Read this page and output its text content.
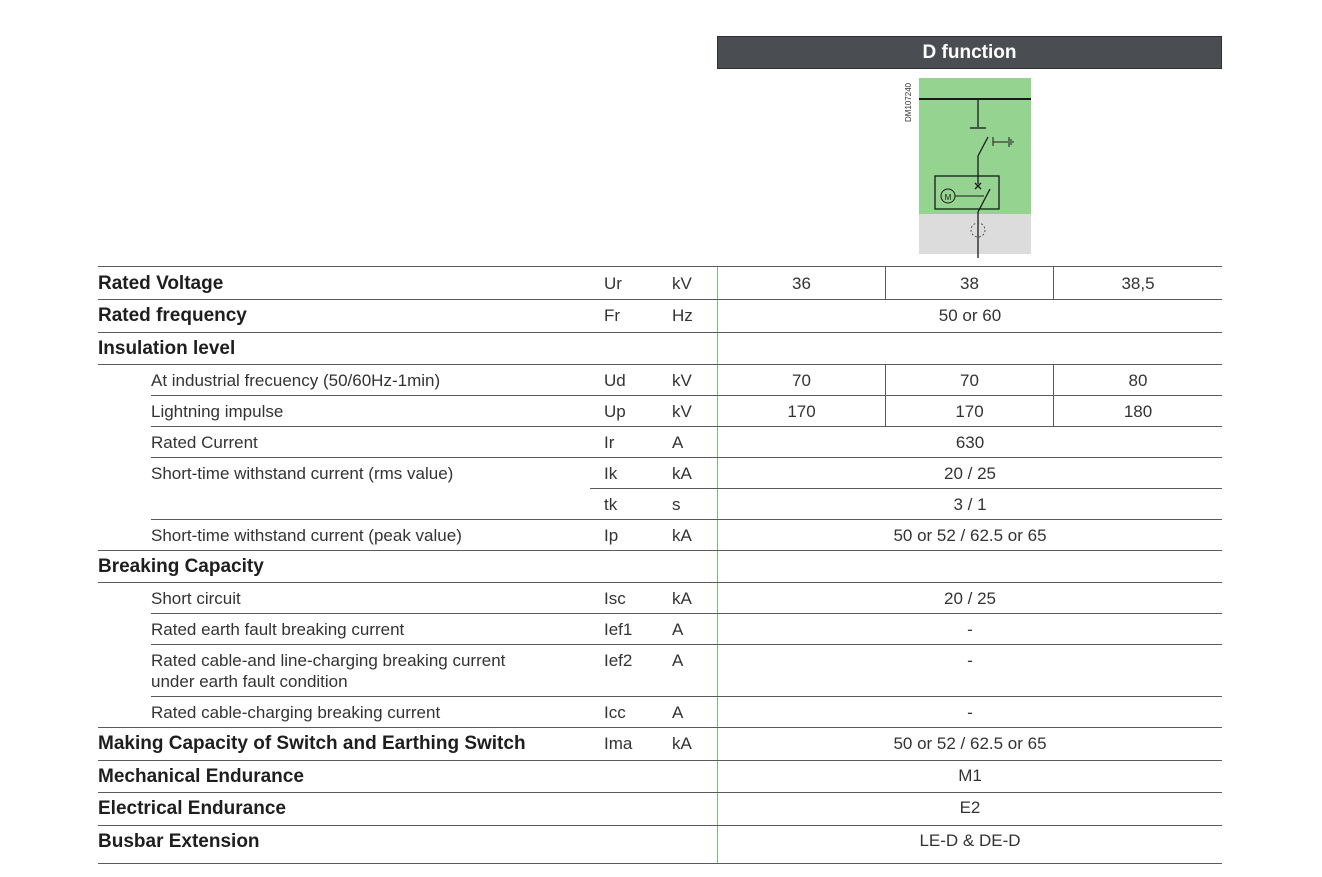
D function
DM107240
M
Rated Voltage	Ur	kV	36	38	38,5
Rated frequency	Fr	Hz	50 or 60
Insulation level
At industrial frecuency (50/60Hz-1min)	Ud	kV	70	70	80
Lightning impulse	Up	kV	170	170	180
Rated Current	Ir	A	630
Short-time withstand current (rms value)	Ik	kA	20 / 25
tk	s	3 / 1
Short-time withstand current (peak value)	Ip	kA	50 or 52 / 62.5 or 65
Breaking Capacity
Short circuit	Isc	kA	20 / 25
Rated earth fault breaking current	Ief1 A	-
Rated cable-and line-charging breaking current
under earth fault condition
Ief2 A	-
Rated cable-charging breaking current	Icc	A	-
Making Capacity of Switch and Earthing Switch	Ima kA	50 or 52 / 62.5 or 65
Mechanical Endurance	M1
Electrical Endurance	E2
Busbar Extension	LE-D & DE-D
